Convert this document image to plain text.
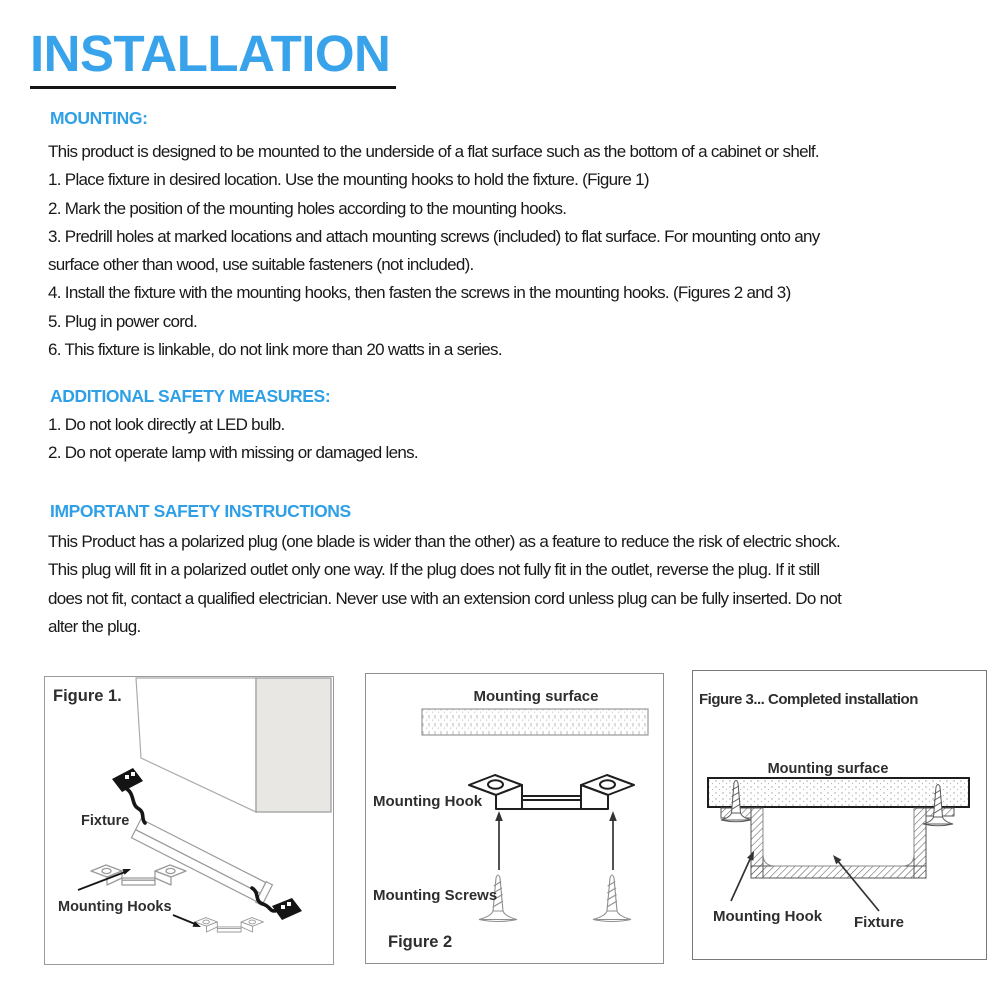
INSTALLATION
MOUNTING:
This product is designed to be mounted to the underside of a flat surface such as the bottom of a cabinet or shelf.
1. Place fixture in desired location. Use the mounting hooks to hold the fixture. (Figure 1)
2. Mark the position of the mounting holes according to the mounting hooks.
3. Predrill holes at marked locations and attach mounting screws (included) to flat surface. For mounting onto any
surface other than wood, use suitable fasteners (not included).
4. Install the fixture with the mounting hooks, then fasten the screws in the mounting hooks. (Figures 2 and 3)
5. Plug in power cord.
6. This fixture is linkable, do not link more than 20 watts in a series.
ADDITIONAL SAFETY MEASURES:
1. Do not look directly at LED bulb.
2. Do not operate lamp with missing or damaged lens.
IMPORTANT SAFETY INSTRUCTIONS
This Product has a polarized plug (one blade is wider than the other) as a feature to reduce the risk of electric shock.
This plug will fit in a polarized outlet only one way. If the plug does not fully fit in the outlet, reverse the plug. If it still
does not fit, contact a qualified electrician. Never use with an extension cord unless plug can be fully inserted. Do not
alter the plug.
Figure 1.
Fixture
Mounting Hooks
Mounting surface
Mounting Hook
Mounting Screws
Figure 2
Figure 3... Completed installation
Mounting surface
Mounting Hook Fixture
